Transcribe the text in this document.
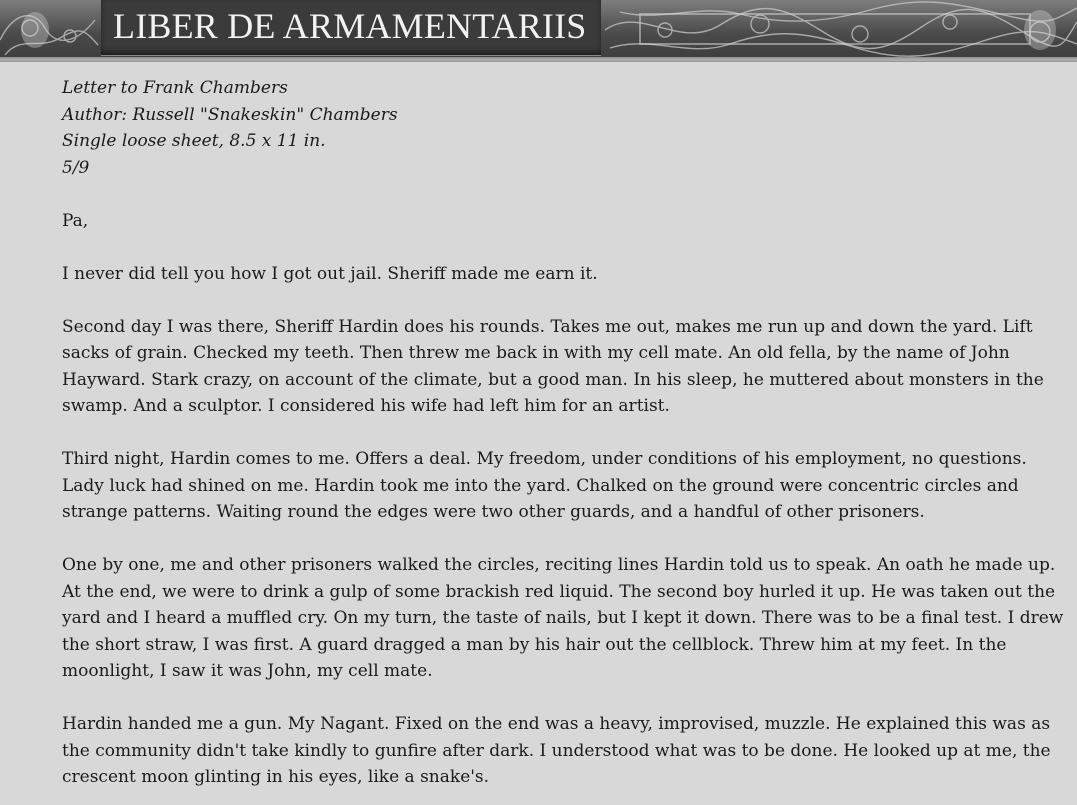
LIBER DE ARMAMENTARIIS

Letter to Frank Chambers

Author: Russell "Snakeskin" Chambers

Single loose sheet, 8.5 x 11 in.

5/9

Pa,

I never did tell you how I got out jail. Sheriff made me earn it.

Second day I was there, Sheriff Hardin does his rounds. Takes me out, makes me run up and down the yard. Lift sacks of grain. Checked my teeth. Then threw me back in with my cell mate. An old fella, by the name of John Hayward. Stark crazy, on account of the climate, but a good man. In his sleep, he muttered about monsters in the swamp. And a sculptor. I considered his wife had left him for an artist.

Third night, Hardin comes to me. Offers a deal. My freedom, under conditions of his employment, no questions. Lady luck had shined on me. Hardin took me into the yard. Chalked on the ground were concentric circles and strange patterns. Waiting round the edges were two other guards, and a handful of other prisoners.

One by one, me and other prisoners walked the circles, reciting lines Hardin told us to speak. An oath he made up. At the end, we were to drink a gulp of some brackish red liquid. The second boy hurled it up. He was taken out the yard and I heard a muffled cry. On my turn, the taste of nails, but I kept it down. There was to be a final test. I drew the short straw, I was first. A guard dragged a man by his hair out the cellblock. Threw him at my feet. In the moonlight, I saw it was John, my cell mate.

Hardin handed me a gun. My Nagant. Fixed on the end was a heavy, improvised, muzzle. He explained this was as the community didn't take kindly to gunfire after dark. I understood what was to be done. He looked up at me, the crescent moon glinting in his eyes, like a snake's.
